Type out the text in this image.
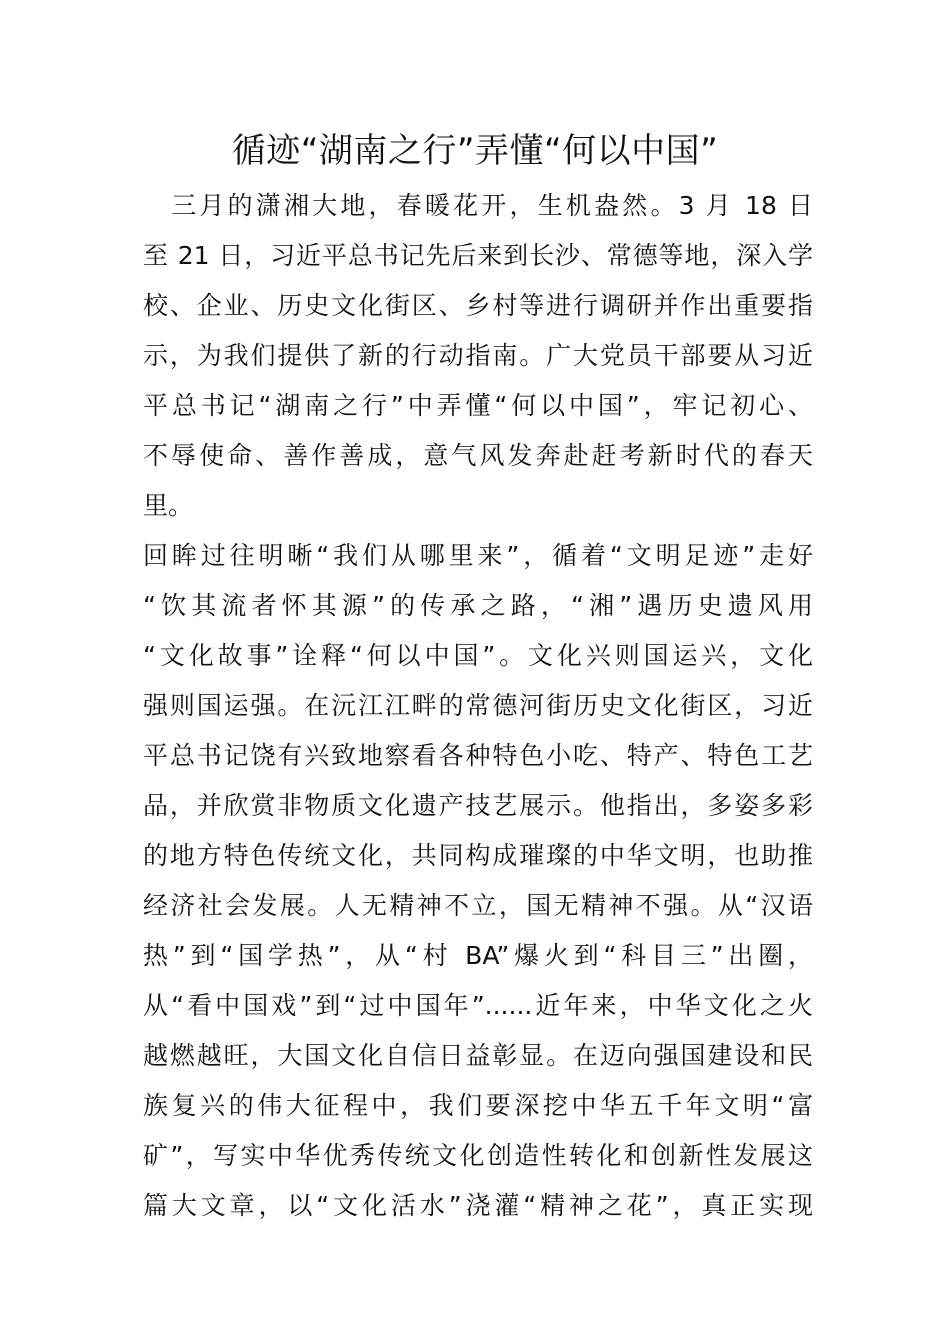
循迹“湖南之行”弄懂“何以中国”
　三月的潇湘大地，春暖花开，生机盎然。3 月 18 日
至 21 日，习近平总书记先后来到长沙、常德等地，深入学
校、企业、历史文化街区、乡村等进行调研并作出重要指
示，为我们提供了新的行动指南。广大党员干部要从习近
平总书记“湖南之行”中弄懂“何以中国”，牢记初心、
不辱使命、善作善成，意气风发奔赴赶考新时代的春天
里。
回眸过往明晰“我们从哪里来”，循着“文明足迹”走好
“饮其流者怀其源”的传承之路，“湘”遇历史遗风用
“文化故事”诠释“何以中国”。文化兴则国运兴，文化
强则国运强。在沅江江畔的常德河街历史文化街区，习近
平总书记饶有兴致地察看各种特色小吃、特产、特色工艺
品，并欣赏非物质文化遗产技艺展示。他指出，多姿多彩
的地方特色传统文化，共同构成璀璨的中华文明，也助推
经济社会发展。人无精神不立，国无精神不强。从“汉语
热”到“国学热”，从“村 BA”爆火到“科目三”出圈，
从“看中国戏”到“过中国年”......近年来，中华文化之火
越燃越旺，大国文化自信日益彰显。在迈向强国建设和民
族复兴的伟大征程中，我们要深挖中华五千年文明“富
矿”，写实中华优秀传统文化创造性转化和创新性发展这
篇大文章，以“文化活水”浇灌“精神之花”，真正实现
